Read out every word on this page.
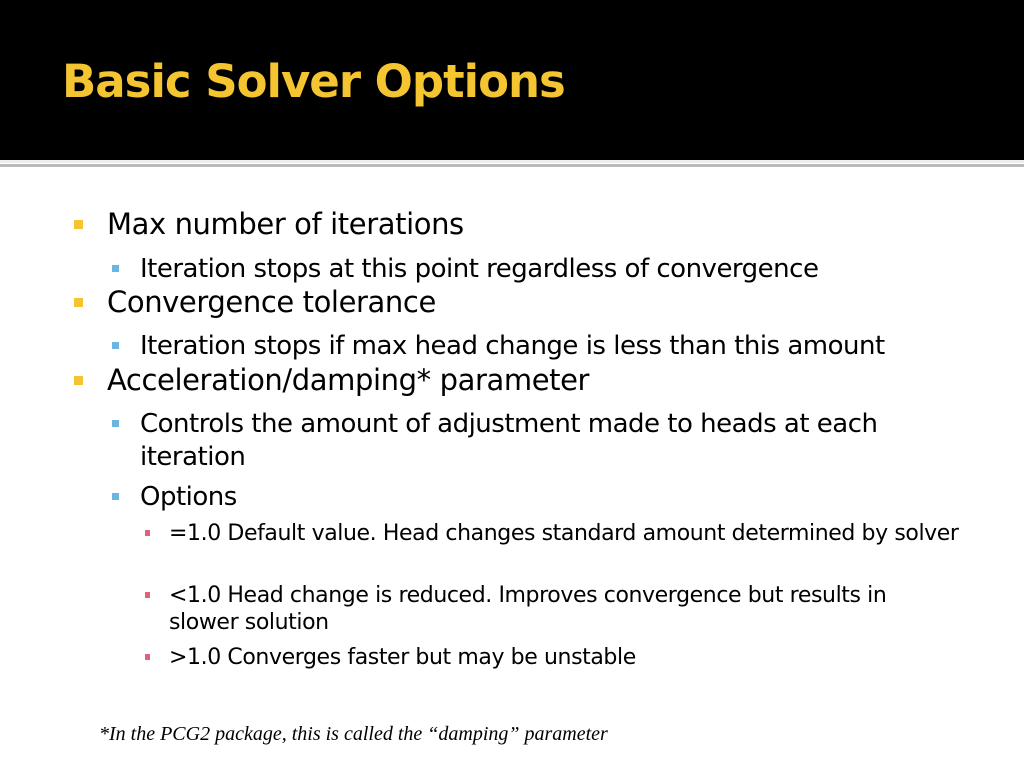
Basic Solver Options
Max number of iterations
Iteration stops at this point regardless of convergence
Convergence tolerance
Iteration stops if max head change is less than this amount
Acceleration/damping* parameter
Controls the amount of adjustment made to heads at each iteration
Options
=1.0 Default value. Head changes standard amount determined by solver
<1.0 Head change is reduced. Improves convergence but results in slower solution
>1.0 Converges faster but may be unstable

*In the PCG2 package, this is called the “damping” parameter
